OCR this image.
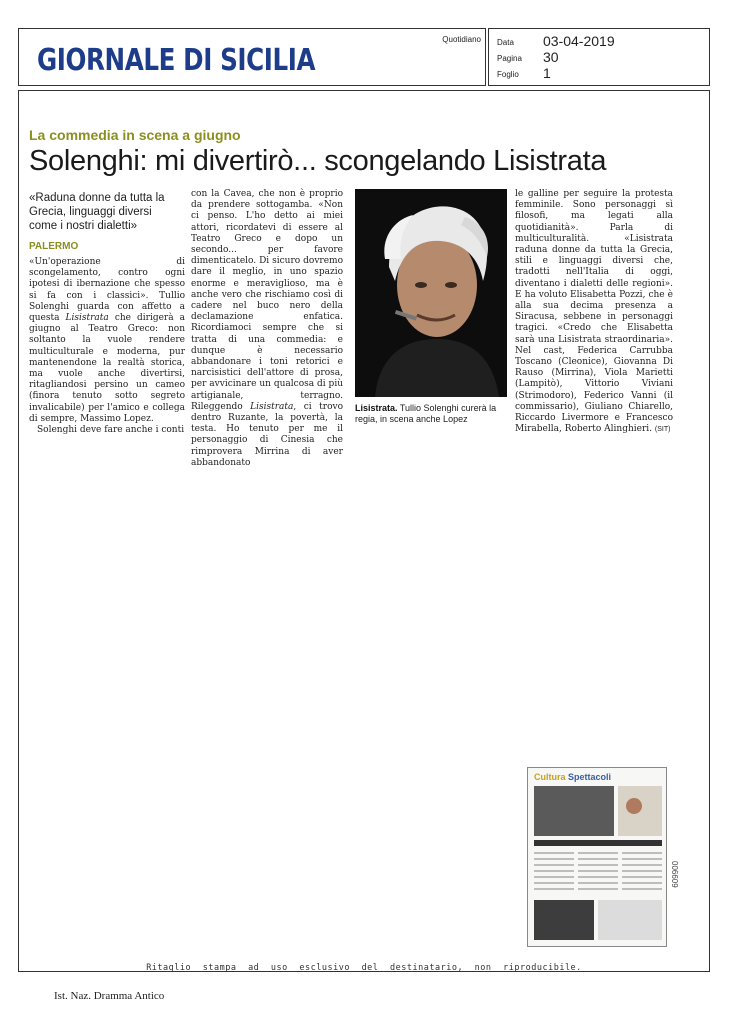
GIORNALE DI SICILIA
Quotidiano Data 03-04-2019
Pagina 30
Foglio 1
La commedia in scena a giugno
Solenghi: mi divertirò... scongelando Lisistrata
«Raduna donne da tutta la Grecia, linguaggi diversi come i nostri dialetti»
PALERMO

«Un'operazione di scongelamento, contro ogni ipotesi di ibernazione che spesso si fa con i classici». Tullio Solenghi guarda con affetto a questa Lisistrata che dirigerà a giugno al Teatro Greco: non soltanto la vuole rendere multiculturale e moderna, pur mantenendone la realtà storica, ma vuole anche divertirsi, ritagliandosi persino un cameo (finora tenuto sotto segreto invalicabile) per l'amico e collega di sempre, Massimo Lopez.

Solenghi deve fare anche i conti

con la Cavea, che non è proprio da prendere sottogamba. «Non ci penso. L'ho detto ai miei attori, ricordatevi di essere al Teatro Greco e dopo un secondo... per favore dimenticatelo. Di sicuro dovremo dare il meglio, in uno spazio enorme e meraviglioso, ma è anche vero che rischiamo così di cadere nel buco nero della declamazione enfatica. Ricordiamoci sempre che si tratta di una commedia: e dunque è necessario abbandonare i toni retorici e narcisistici dell'attore di prosa, per avvicinare un qualcosa di più artigianale, terragno. Rileggendo Lisistrata, ci trovo dentro Ruzante, la povertà, la testa. Ho tenuto per me il personaggio di Cinesia che rimprovera Mirrina di aver abbandonato

Lisistrata. Tullio Solenghi curerà la regia, in scena anche Lopez

le galline per seguire la protesta femminile. Sono personaggi sì filosofi, ma legati alla quotidianità». Parla di multiculturalità. «Lisistrata raduna donne da tutta la Grecia, stili e linguaggi diversi che, tradotti nell'Italia di oggi, diventano i dialetti delle regioni». E ha voluto Elisabetta Pozzi, che è alla sua decima presenza a Siracusa, sebbene in personaggi tragici. «Credo che Elisabetta sarà una Lisistrata straordinaria». Nel cast, Federica Carrubba Toscano (Cleonice), Giovanna Di Rauso (Mirrina), Viola Marietti (Lampitò), Vittorio Viviani (Strimodoro), Federico Vanni (il commissario), Giuliano Chiarello, Riccardo Livermore e Francesco Mirabella, Roberto Alinghieri. (SIT)

Cultura Spettacoli
006609
Ritaglio stampa ad uso esclusivo del destinatario, non riproducibile.
Ist. Naz. Dramma Antico
